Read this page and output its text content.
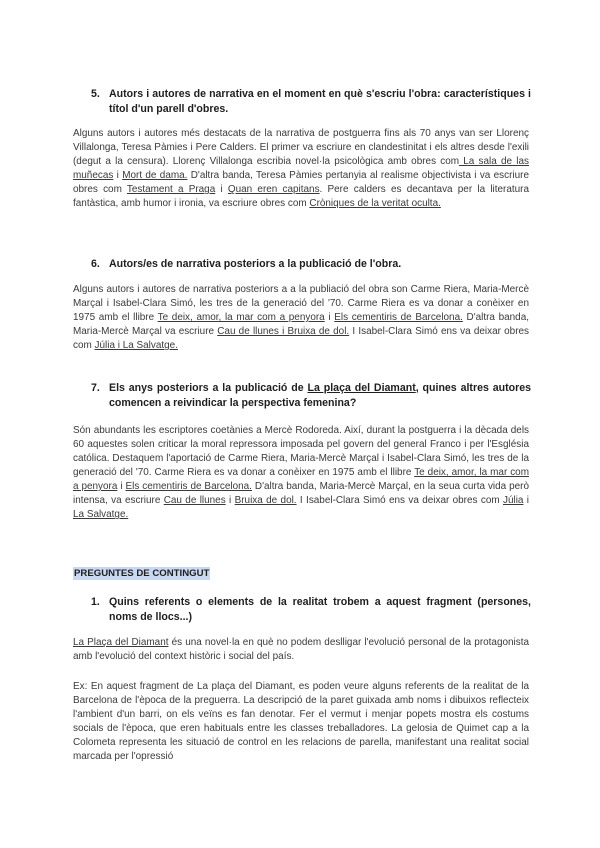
5. Autors i autores de narrativa en el moment en què s'escriu l'obra: característiques i títol d'un parell d'obres.

Alguns autors i autores més destacats de la narrativa de postguerra fins als 70 anys van ser Llorenç Villalonga, Teresa Pàmies i Pere Calders. El primer va escriure en clandestinitat i els altres desde l'exili (degut a la censura). Llorenç Villalonga escribia novel·la psicològica amb obres com La sala de las muñecas i Mort de dama. D'altra banda, Teresa Pàmies pertanyia al realisme objectivista i va escriure obres com Testament a Praga i Quan eren capitans. Pere calders es decantava per la literatura fantàstica, amb humor i ironia, va escriure obres com Cròniques de la veritat oculta.

6. Autors/es de narrativa posteriors a la publicació de l'obra.

Alguns autors i autores de narrativa posteriors a a la publiació del obra son Carme Riera, Maria-Mercè Marçal i Isabel-Clara Simó, les tres de la generació del '70. Carme Riera es va donar a conèixer en 1975 amb el llibre Te deix, amor, la mar com a penyora i Els cementiris de Barcelona. D'altra banda, Maria-Mercè Marçal va escriure Cau de llunes i Bruixa de dol. I Isabel-Clara Simó ens va deixar obres com Júlia i La Salvatge.

7. Els anys posteriors a la publicació de La plaça del Diamant, quines altres autores comencen a reivindicar la perspectiva femenina?

Són abundants les escriptores coetànies a Mercè Rodoreda. Així, durant la postguerra i la dècada dels 60 aquestes solen criticar la moral repressora imposada pel govern del general Franco i per l'Església católica. Destaquem l'aportació de Carme Riera, Maria-Mercè Marçal i Isabel-Clara Simó, les tres de la generació del '70. Carme Riera es va donar a conèixer en 1975 amb el llibre Te deix, amor, la mar com a penyora i Els cementiris de Barcelona. D'altra banda, Maria-Mercè Marçal, en la seua curta vida però intensa, va escriure Cau de llunes i Bruixa de dol. I Isabel-Clara Simó ens va deixar obres com Júlia i La Salvatge.

PREGUNTES DE CONTINGUT

1. Quins referents o elements de la realitat trobem a aquest fragment (persones, noms de llocs...)

La Plaça del Diamant és una novel·la en què no podem deslligar l'evolució personal de la protagonista amb l'evolució del context històric i social del país.

Ex: En aquest fragment de La plaça del Diamant, es poden veure alguns referents de la realitat de la Barcelona de l'època de la preguerra. La descripció de la paret guixada amb noms i dibuixos reflecteix l'ambient d'un barri, on els veïns es fan denotar. Fer el vermut i menjar popets mostra els costums socials de l'època, que eren habituals entre les classes treballadores. La gelosia de Quimet cap a la Colometa representa les situació de control en les relacions de parella, manifestant una realitat social marcada per l'opressió
